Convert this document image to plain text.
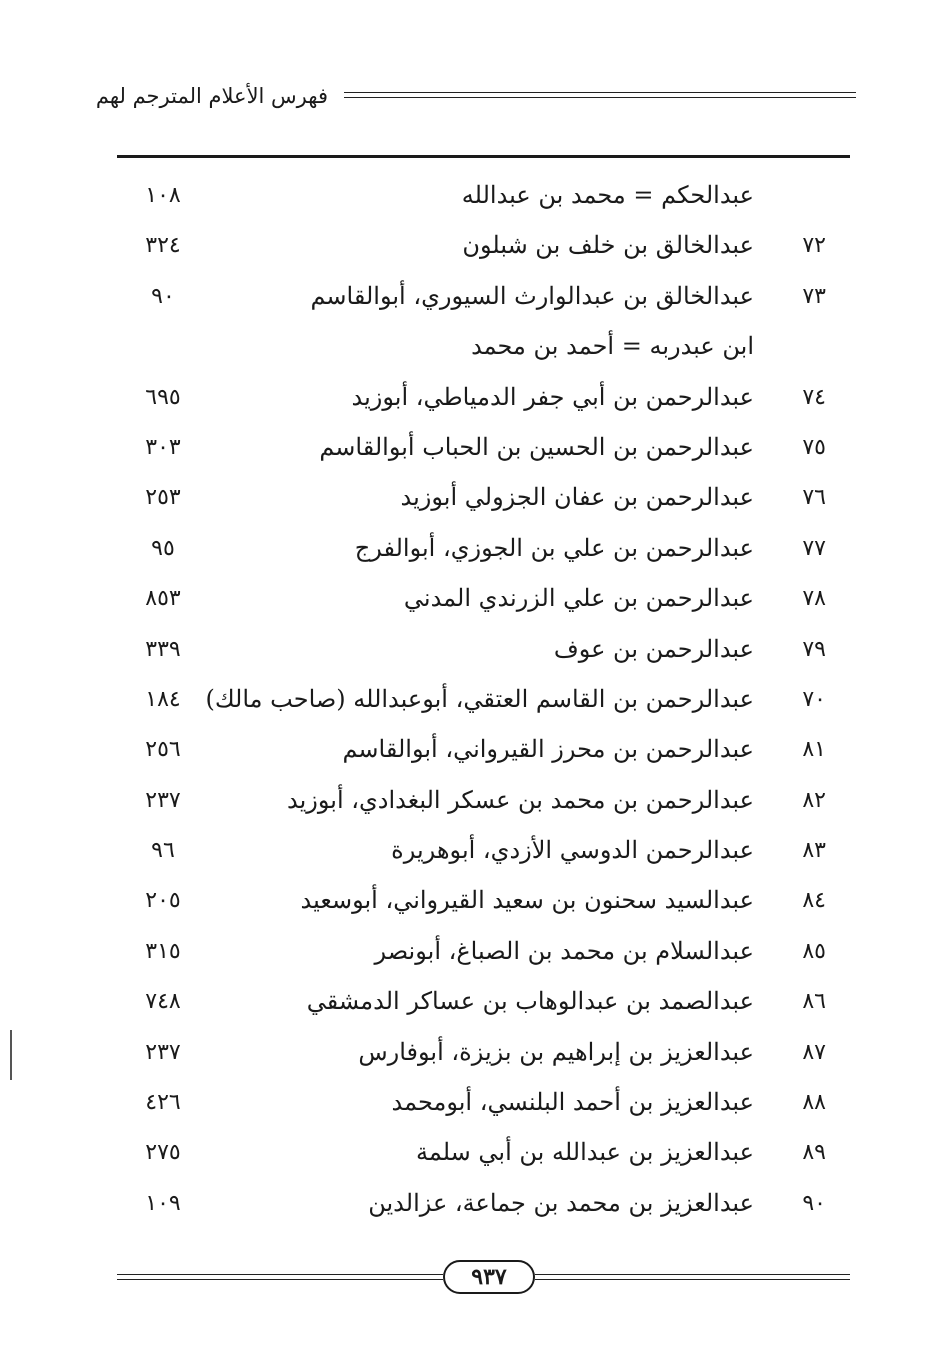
فهرس الأعلام المترجم لهم
عبدالحكم = محمد بن عبدالله
١٠٨
٧٢
عبدالخالق بن خلف بن شبلون
٣٢٤
٧٣
عبدالخالق بن عبدالوارث السيوري، أبوالقاسم
٩٠
ابن عبدربه = أحمد بن محمد
٧٤
عبدالرحمن بن أبي جفر الدمياطي، أبوزيد
٦٩٥
٧٥
عبدالرحمن بن الحسين بن الحباب أبوالقاسم
٣٠٣
٧٦
عبدالرحمن بن عفان الجزولي أبوزيد
٢٥٣
٧٧
عبدالرحمن بن علي بن الجوزي، أبوالفرج
٩٥
٧٨
عبدالرحمن بن علي الزرندي المدني
٨٥٣
٧٩
عبدالرحمن بن عوف
٣٣٩
٧٠
عبدالرحمن بن القاسم العتقي، أبوعبدالله (صاحب مالك)
١٨٤
٨١
عبدالرحمن بن محرز القيرواني، أبوالقاسم
٢٥٦
٨٢
عبدالرحمن بن محمد بن عسكر البغدادي، أبوزيد
٢٣٧
٨٣
عبدالرحمن الدوسي الأزدي، أبوهريرة
٩٦
٨٤
عبدالسيد سحنون بن سعيد القيرواني، أبوسعيد
٢٠٥
٨٥
عبدالسلام بن محمد بن الصباغ، أبونصر
٣١٥
٨٦
عبدالصمد بن عبدالوهاب بن عساكر الدمشقي
٧٤٨
٨٧
عبدالعزيز بن إبراهيم بن بزيزة، أبوفارس
٢٣٧
٨٨
عبدالعزيز بن أحمد البلنسي، أبومحمد
٤٢٦
٨٩
عبدالعزيز بن عبدالله بن أبي سلمة
٢٧٥
٩٠
عبدالعزيز بن محمد بن جماعة، عزالدين
١٠٩
٩٣٧
